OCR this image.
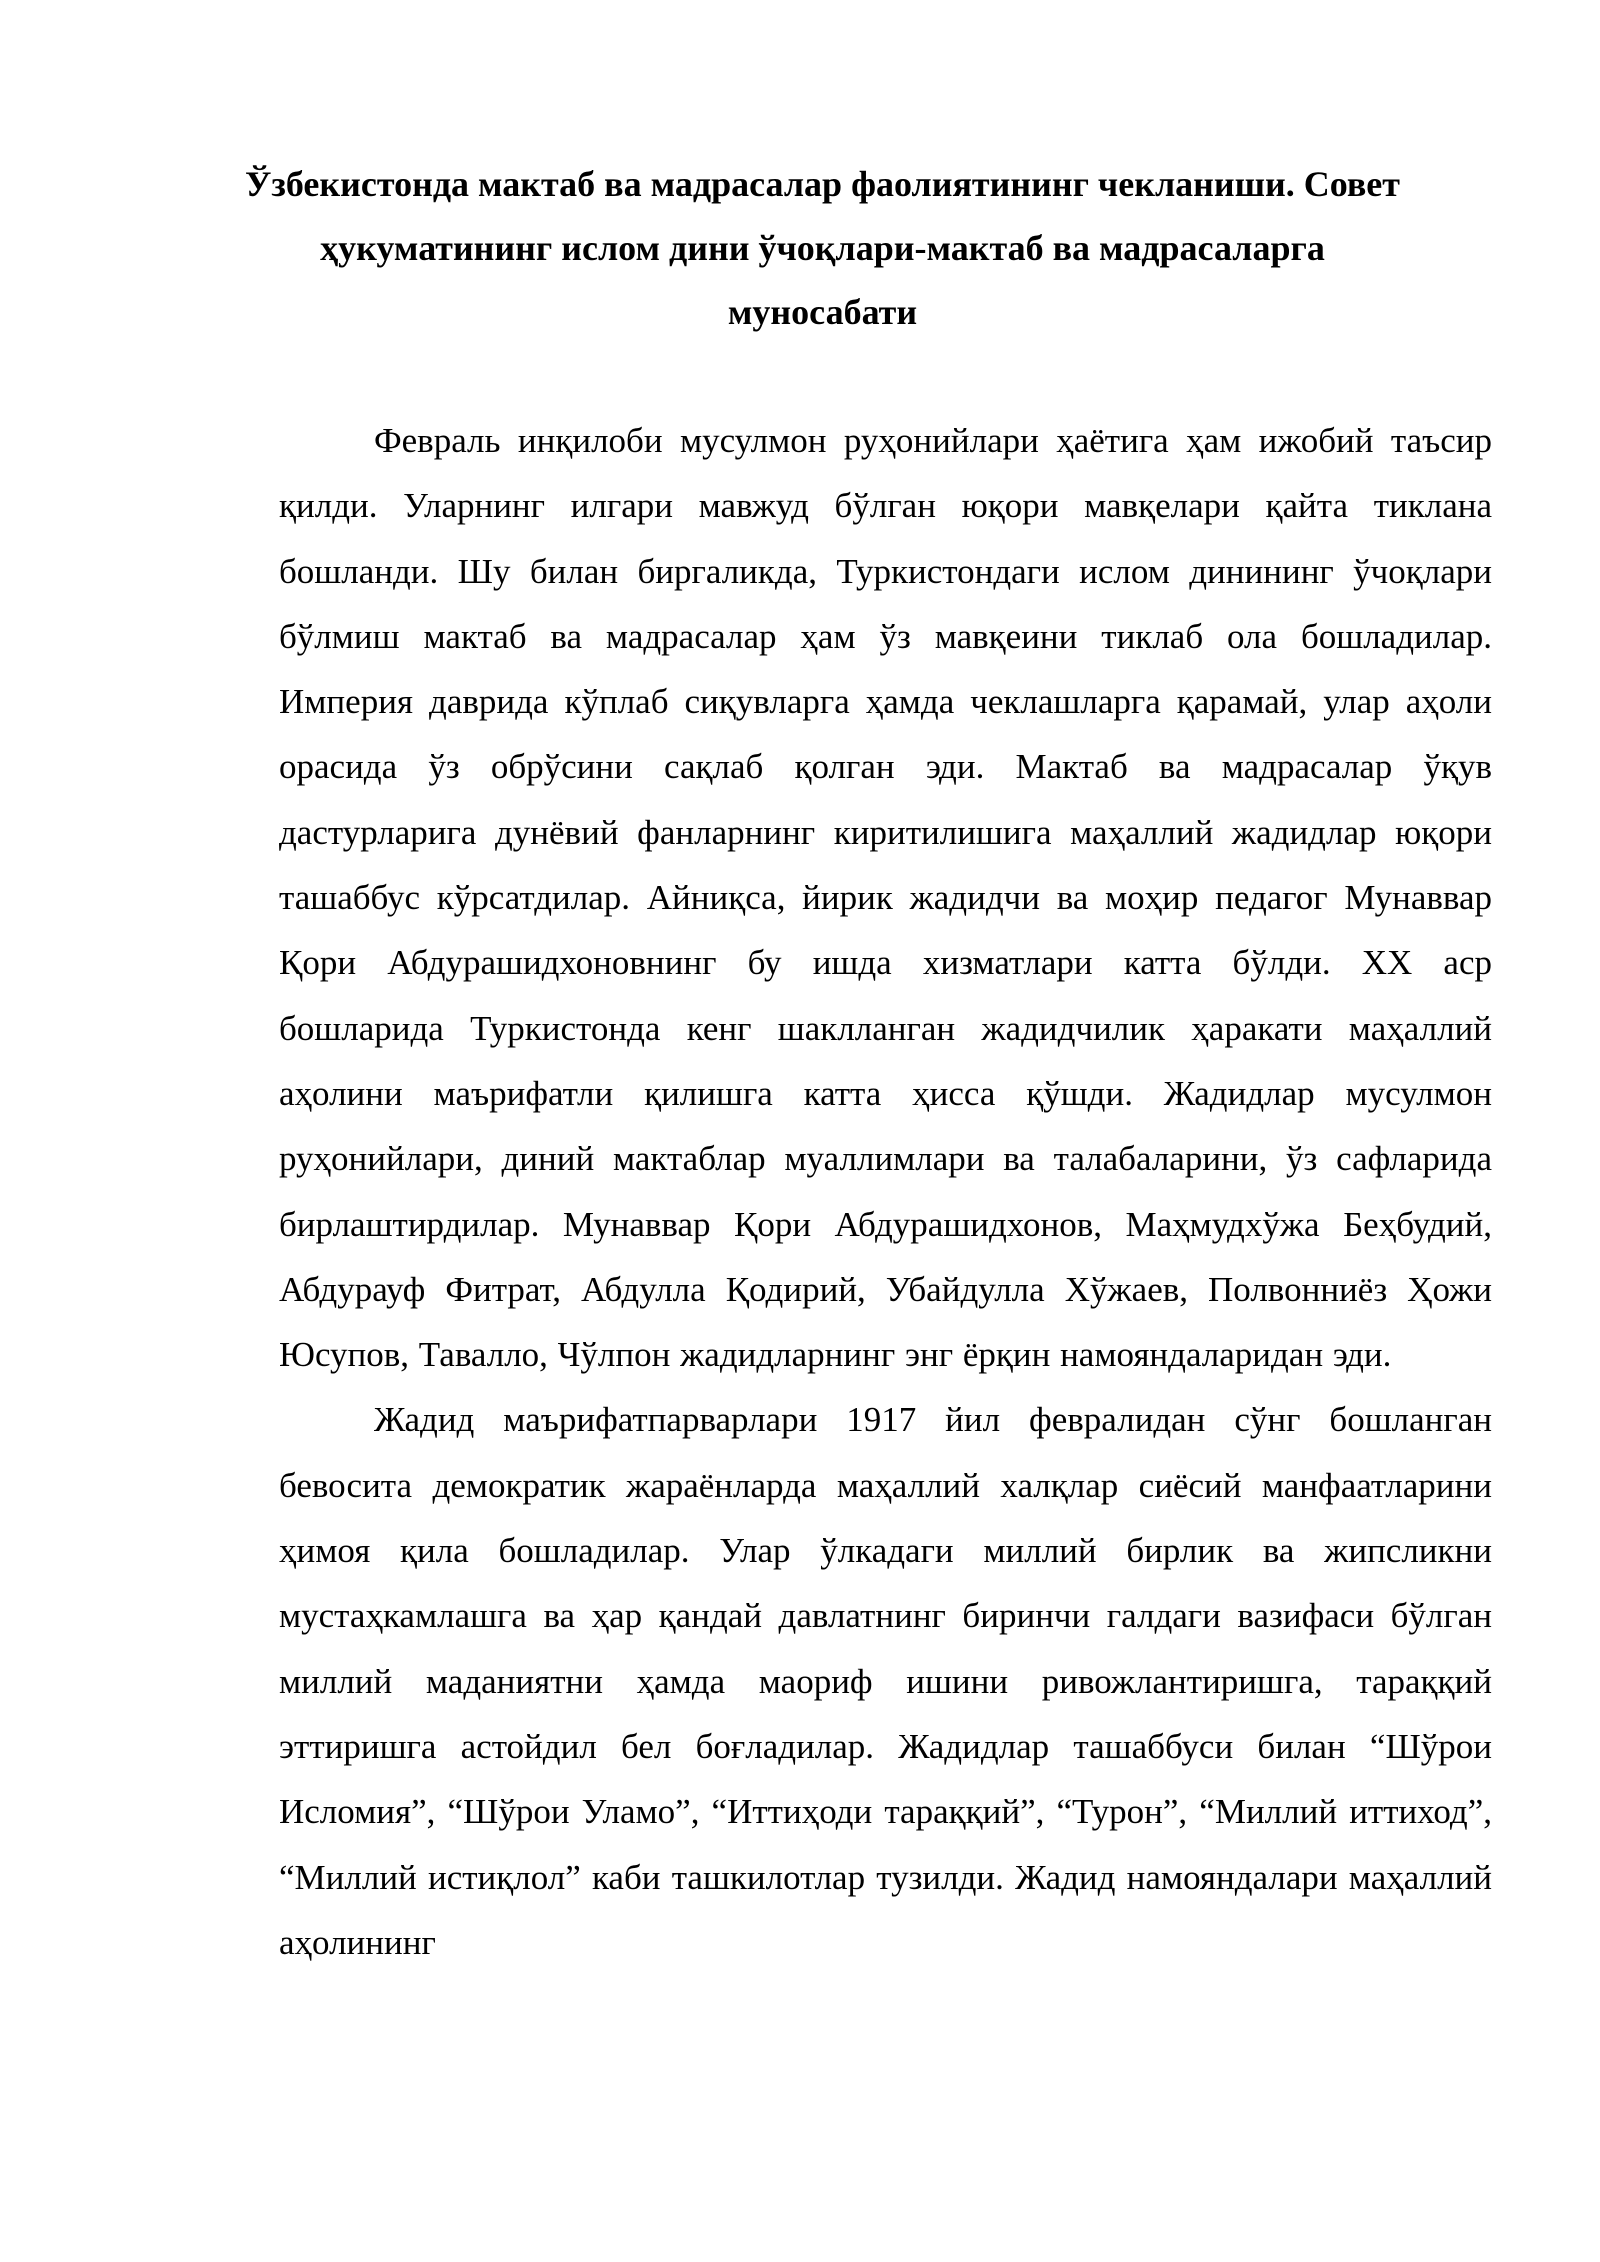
Ўзбекистонда мактаб ва мадрасалар фаолиятининг чекланиши. Совет ҳукуматининг ислом дини ўчоқлари-мактаб ва мадрасаларга муносабати

Февраль инқилоби мусулмон руҳонийлари ҳаётига ҳам ижобий таъсир қилди. Уларнинг илгари мавжуд бўлган юқори мавқелари қайта тиклана бошланди. Шу билан биргаликда, Туркистондаги ислом динининг ўчоқлари бўлмиш мактаб ва мадрасалар ҳам ўз мавқеини тиклаб ола бошладилар. Империя даврида кўплаб сиқувларга ҳамда чеклашларга қарамай, улар аҳоли орасида ўз обрўсини сақлаб қолган эди. Мактаб ва мадрасалар ўқув дастурларига дунёвий фанларнинг киритилишига маҳаллий жадидлар юқори ташаббус кўрсатдилар. Айниқса, йирик жадидчи ва моҳир педагог Мунаввар Қори Абдурашидхоновнинг бу ишда хизматлари катта бўлди. XX аср бошларида Туркистонда кенг шаклланган жадидчилик ҳаракати маҳаллий аҳолини маърифатли қилишга катта ҳисса қўшди. Жадидлар мусулмон руҳонийлари, диний мактаблар муаллимлари ва талабаларини, ўз сафларида бирлаштирдилар. Мунаввар Қори Абдурашидхонов, Маҳмудхўжа Беҳбудий, Абдурауф Фитрат, Абдулла Қодирий, Убайдулла Хўжаев, Полвонниёз Ҳожи Юсупов, Тавалло, Чўлпон жадидларнинг энг ёрқин намояндаларидан эди.

Жадид маърифатпарварлари 1917 йил февралидан сўнг бошланган бевосита демократик жараёнларда маҳаллий халқлар сиёсий манфаатларини ҳимоя қила бошладилар. Улар ўлкадаги миллий бирлик ва жипсликни мустаҳкамлашга ва ҳар қандай давлатнинг биринчи галдаги вазифаси бўлган миллий маданиятни ҳамда маориф ишини ривожлантиришга, тараққий эттиришга астойдил бел боғладилар. Жадидлар ташаббуси билан “Шўрои Исломия”, “Шўрои Уламо”, “Иттиҳоди тараққий”, “Турон”, “Миллий иттиход”, “Миллий истиқлол” каби ташкилотлар тузилди. Жадид намояндалари маҳаллий аҳолининг
